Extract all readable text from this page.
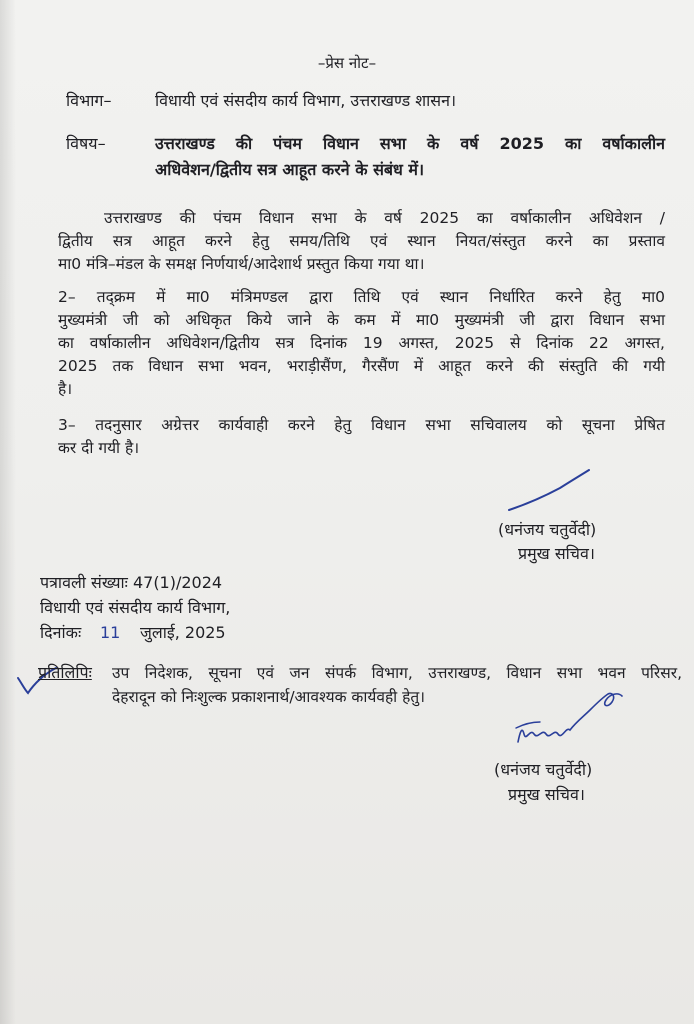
–प्रेस नोट–
विभाग–	विधायी एवं संसदीय कार्य विभाग, उत्तराखण्ड शासन।
विषय–	उत्तराखण्ड की पंचम विधान सभा के वर्ष 2025 का वर्षाकालीन
अधिवेशन/द्वितीय सत्र आहूत करने के संबंध में।
उत्तराखण्ड की पंचम विधान सभा के वर्ष 2025 का वर्षाकालीन अधिवेशन /
द्वितीय सत्र आहूत करने हेतु समय/तिथि एवं स्थान नियत/संस्तुत करने का प्रस्ताव
मा0 मंत्रि–मंडल के समक्ष निर्णयार्थ/आदेशार्थ प्रस्तुत किया गया था।
2– तद्क्रम में मा0 मंत्रिमण्डल द्वारा तिथि एवं स्थान निर्धारित करने हेतु मा0
मुख्यमंत्री जी को अधिकृत किये जाने के कम में मा0 मुख्यमंत्री जी द्वारा विधान सभा
का वर्षाकालीन अधिवेशन/द्वितीय सत्र दिनांक 19 अगस्त, 2025 से दिनांक 22 अगस्त,
2025 तक विधान सभा भवन, भराड़ीसैंण, गैरसैंण में आहूत करने की संस्तुति की गयी
है।
3– तदनुसार अग्रेत्तर कार्यवाही करने हेतु विधान सभा सचिवालय को सूचना प्रेषित
कर दी गयी है।
(धनंजय चतुर्वेदी)
प्रमुख सचिव।
पत्रावली संख्याः 47(1)/2024
विधायी एवं संसदीय कार्य विभाग,
दिनांकः 11 जुलाई, 2025
प्रतिलिपिः उप निदेशक, सूचना एवं जन संपर्क विभाग, उत्तराखण्ड, विधान सभा भवन परिसर,
देहरादून को निःशुल्क प्रकाशनार्थ/आवश्यक कार्यवही हेतु।
(धनंजय चतुर्वेदी)
प्रमुख सचिव।
